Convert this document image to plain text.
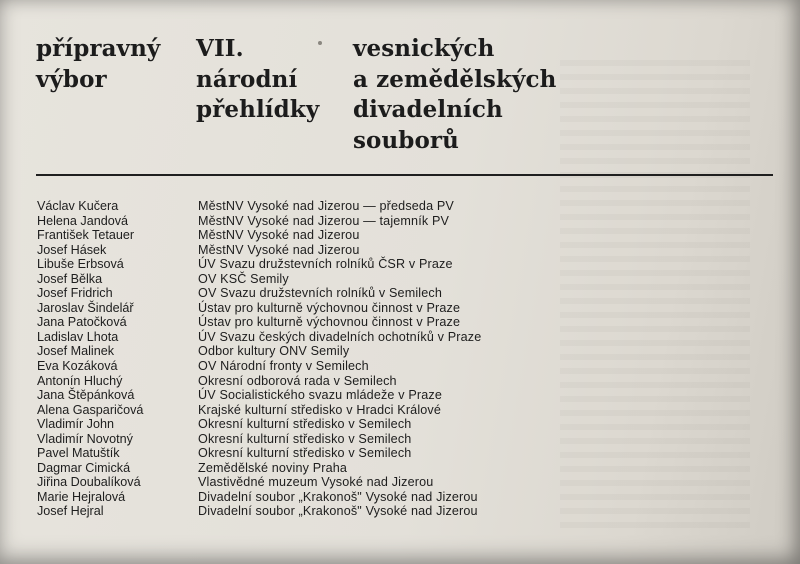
přípravný
výbor
VII.
národní
přehlídky
vesnických
a zemědělských
divadelních
souborů
Václav Kučera	MěstNV Vysoké nad Jizerou — předseda PV
Helena Jandová	MěstNV Vysoké nad Jizerou — tajemník PV
František Tetauer	MěstNV Vysoké nad Jizerou
Josef Hásek	MěstNV Vysoké nad Jizerou
Libuše Erbsová	ÚV Svazu družstevních rolníků ČSR v Praze
Josef Bělka	OV KSČ Semily
Josef Fridrich	OV Svazu družstevních rolníků v Semilech
Jaroslav Šindelář	Ústav pro kulturně výchovnou činnost v Praze
Jana Patočková	Ústav pro kulturně výchovnou činnost v Praze
Ladislav Lhota	ÚV Svazu českých divadelních ochotníků v Praze
Josef Malinek	Odbor kultury ONV Semily
Eva Kozáková	OV Národní fronty v Semilech
Antonín Hluchý	Okresní odborová rada v Semilech
Jana Štěpánková	ÚV Socialistického svazu mládeže v Praze
Alena Gasparičová	Krajské kulturní středisko v Hradci Králové
Vladimír John	Okresní kulturní středisko v Semilech
Vladimír Novotný	Okresní kulturní středisko v Semilech
Pavel Matuštík	Okresní kulturní středisko v Semilech
Dagmar Cimická	Zemědělské noviny Praha
Jiřina Doubalíková	Vlastivědné muzeum Vysoké nad Jizerou
Marie Hejralová	Divadelní soubor „Krakonoš" Vysoké nad Jizerou
Josef Hejral	Divadelní soubor „Krakonoš" Vysoké nad Jizerou
